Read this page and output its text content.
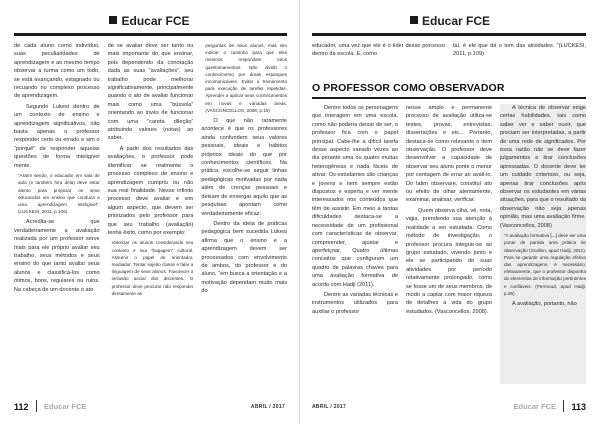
Educar FCE

de cada aluno como indivíduo, suas peculiaridades de aprendizagem e ao mesmo tempo observar a turma como um todo, se está avançando, estagnado ou recuando no complexo processo de aprendizagem.

Segundo Lukesi dentro de um contexto de ensino e aprendizagem significativos, não basta apenas o professor responder certo ou errado e sim o “porquê” de responder aquelas questões de forma inteligível mente.

“Assim sendo, o educador em sala de aula (e também fora dela) deve estar atento para propiciar os seus educandos um ensino que conduza a uma aprendizagem inteligível”. (LUCKESI, 2011, p.106).

Acredita-se que verdadeiramente a avaliação realizada por um professor serve mais para ele próprio avaliar seu trabalho, seus métodos e seus ensino do que tanto avaliar seus alunos e classificá-los como ótimos, bons, regulares ou ruins. Na cabeça de um docente o ato

de se avaliar deve ser tanto ou mais importante do que ensinar, pois dependendo da conotação dada as suas “avaliações”, seu trabalho pode melhorar significativamente, principalmente quando o ato de avaliar funcionar mais como uma “bússola” orientando ao invés de funcionar com uma “careta dileção” atribuindo valores (notas) ao saber.

A partir dos resultados das avaliações, o professor pode identificar se realmente o processo complexo de ensino e aprendizagem cumpriu ou não sua real finalidade. Nesse infinito processo deve avaliar e sim algum aspecto, que devem ser priorizados pelo professor para que seu trabalho (avaliação) tenha êxito, como por exemplo:

Valorizar os alunos considerando seu contexto e sua “bagagem” cultural. Assumir o papel de orientador, mediador. Tentar sujeito classe e falar a linguagem de seus alunos. Favorecer a inclusão social dos discentes. O professor deve procurar não responder diretamente as

perguntas de seus alunos, mas sim indicar o caminho para que eles mesmos respondam seus questionamentos. Não dividir o conhecimento por áreas estanques incomunicáveis. Evitar o treinamento para execução de tarefas repetidas. Aprender a aplicar seus conhecimentos em novas e variadas áreas. (VASCONCELLOS, 2008, p.16)

O que não raramente acontece é que os professores ainda confundem seus valores pessoais, ideais e hábitos próprios ideais do que por conhecimentos científicos. Na prática, escolhe-se seguir linhas pedagógicas motivadas por nada além de crenças pessoais e deixam de enxergar aquilo que as pesquisas apontam como verdadeiramente eficaz.

Dentro da ideia de práticas pedagógica bem sucedida Lukesi afirma que o ensino e a aprendizagem devem ser processados com envolvimento de ambos, do professor e do aluno, “em busca a orientação e a motivação dependam muito mais do

112 Educar FCE	ABRIL / 2017
Educar FCE

educador, uma vez que ele é o líder desse processo dentro da escola. E, como

tal, é ele que dá o tom das atividades. “(LUCKESI, 2011, p.109)

O PROFESSOR COMO OBSERVADOR

Dentre todos os personagens que interagem em uma escola, como não poderia deixar de ser, o professor fica com o papel principal. Cabe-lhe a difícil tarefa desse aspecto variado vezes ao dia perante uma ou quatro muitas heterogêneas e nada fáceis de ativar. Os estudantes são crianças e jovens e nem sempre estão dispostos e esperta e ver mente interessados nos conteúdos que têm de assistir. Em meio a tantas dificuldades destaca-se a necessidade de um profissional com características de observar, compreender, ajustar e aperfeiçoar. Quatro últimas conceitos que configuram um quadro de palavras chaves para uma avaliação formativa de acordo com Hadji (2011).

Dentre as variadas técnicas e instrumentos utilizados para auxiliar o professor

nesse amplo e permanente processo de avaliação utiliza-se testes, provas, entrevistas, dissertações e etc... Portanto, destaca-se como relevante o item observação. O professor deve desenvolver a capacidade de observar seu aluno ponte o menor por centagem de errar ao avali-lo. Do latim observare, constituí ato ou efeito de olhar atentamente, examinar, analisar, verificar.

Quem observa olha, vê, nota, vigia, prendendo sua atenção à realidade a ser estudada. Como método de investigação, o professor procura integrar-se ao grupo estudado, vivendo junto e ele se participando do suas atividades por período relativamente prolongado, como se fosse um de seus membros, de modo a captar com maior riqueza de detalhes a vida do grupo estudados. (Vasconcellos, 2008).

A técnica de observar exige certas habilidades, tais como saber ver e saber ouvir, que preciam ser interpretadas, a partir de uma rede de significados. Por essa razão não se deve fazer julgamentos e tirar conclusões apressadas. O docente deve ter um cuidado criterioso, ou seja, apenas tirar conclusões após observar os estudantes em várias situações, para que o resultado da observação não seja apenas opinião, mas uma avaliação firme. (Vasconcellos, 2008)

“A avaliação formativa [...] deve ser uma ponte de partida uma prática de observação (Scallon, apud Hadji, 2011). Para se garantir uma regulação efetiva das aprendizagens, é necessário, efetivamente, que o professor disponha de elementos de informação pertinentes e confiáveis. (Perrnoud, apud Hadji, p.26)

A avaliação, portanto, não

ABRIL / 2017	Educar FCE 113
